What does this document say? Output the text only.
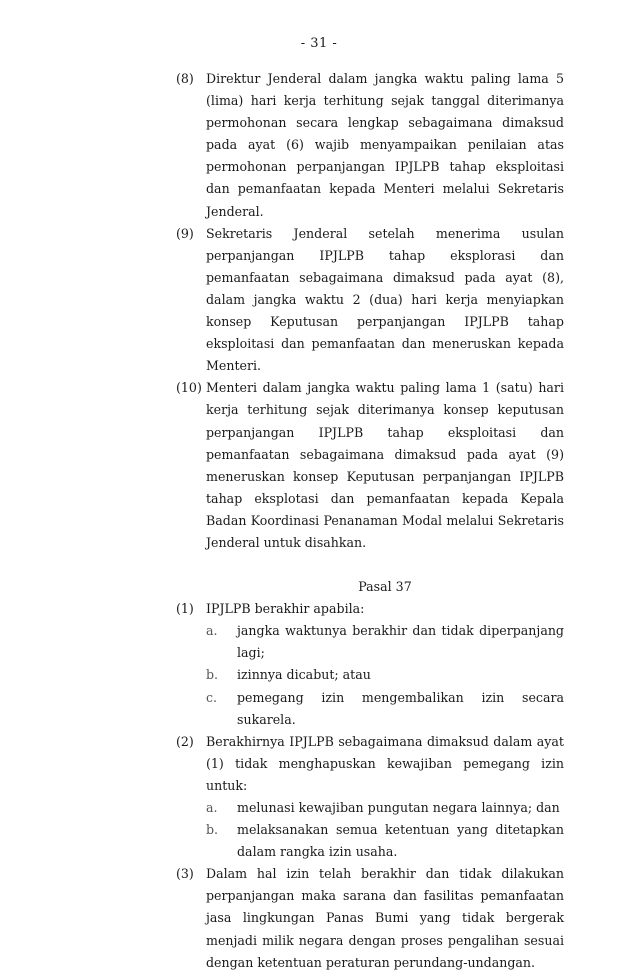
- 31 -
(8) Direktur Jenderal dalam jangka waktu paling lama 5 (lima) hari kerja terhitung sejak tanggal diterimanya permohonan secara lengkap sebagaimana dimaksud pada ayat (6) wajib menyampaikan penilaian atas permohonan perpanjangan IPJLPB tahap eksploitasi dan pemanfaatan kepada Menteri melalui Sekretaris Jenderal.
(9) Sekretaris Jenderal setelah menerima usulan perpanjangan IPJLPB tahap eksplorasi dan pemanfaatan sebagaimana dimaksud pada ayat (8), dalam jangka waktu 2 (dua) hari kerja menyiapkan konsep Keputusan perpanjangan IPJLPB tahap eksploitasi dan pemanfaatan dan meneruskan kepada Menteri.
(10) Menteri dalam jangka waktu paling lama 1 (satu) hari kerja terhitung sejak diterimanya konsep keputusan perpanjangan IPJLPB tahap eksploitasi dan pemanfaatan sebagaimana dimaksud pada ayat (9) meneruskan konsep Keputusan perpanjangan IPJLPB tahap eksplotasi dan pemanfaatan kepada Kepala Badan Koordinasi Penanaman Modal melalui Sekretaris Jenderal untuk disahkan.
Pasal 37
(1) IPJLPB berakhir apabila:
a.	jangka waktunya berakhir dan tidak diperpanjang lagi;
b.	izinnya dicabut; atau
c.	pemegang izin mengembalikan izin secara sukarela.
(2) Berakhirnya IPJLPB sebagaimana dimaksud dalam ayat (1) tidak menghapuskan kewajiban pemegang izin untuk:
a.	melunasi kewajiban pungutan negara lainnya; dan
b.	melaksanakan semua ketentuan yang ditetapkan dalam rangka izin usaha.
(3) Dalam hal izin telah berakhir dan tidak dilakukan perpanjangan maka sarana dan fasilitas pemanfaatan jasa lingkungan Panas Bumi yang tidak bergerak menjadi milik negara dengan proses pengalihan sesuai dengan ketentuan peraturan perundang-undangan.
